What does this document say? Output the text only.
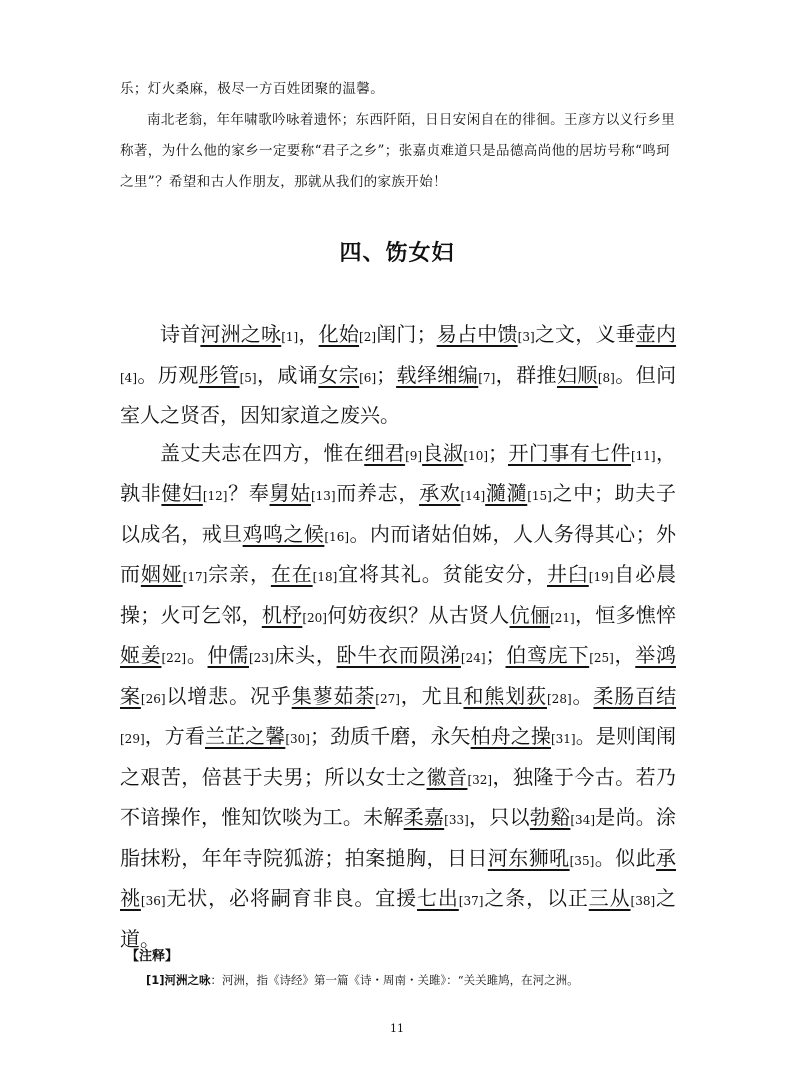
乐；灯火桑麻，极尽一方百姓团聚的温馨。

南北老翁，年年啸歌吟咏着遗怀；东西阡陌，日日安闲自在的徘徊。王彦方以义行乡里称著，为什么他的家乡一定要称“君子之乡”；张嘉贞难道只是品德高尚他的居坊号称“鸣珂之里”？希望和古人作朋友，那就从我们的家族开始！

四、饬女妇

诗首河洲之咏[1]，化始[2]闺门；易占中馈[3]之文，义垂壶内[4]。历观彤管[5]，咸诵女宗[6]；载绎缃编[7]，群推妇顺[8]。但问室人之贤否，因知家道之废兴。

盖丈夫志在四方，惟在细君[9]良淑[10]；开门事有七件[11]，孰非健妇[12]？奉舅姑[13]而养志，承欢[14]瀡瀡[15]之中；助夫子以成名，戒旦鸡鸣之候[16]。内而诸姑伯姊，人人务得其心；外而姻娅[17]宗亲，在在[18]宜将其礼。贫能安分，井臼[19]自必晨操；火可乞邻，机杼[20]何妨夜织？从古贤人伉俪[21]，恒多憔悴姬姜[22]。仲儒[23]床头，卧牛衣而陨涕[24]；伯鸾庑下[25]，举鸿案[26]以增悲。况乎集蓼茹荼[27]，尤且和熊划荻[28]。柔肠百结[29]，方看兰芷之馨[30]；劲质千磨，永矢柏舟之操[31]。是则闺闱之艰苦，倍甚于夫男；所以女士之徽音[32]，独隆于今古。若乃不谙操作，惟知饮啖为工。未解柔嘉[33]，只以勃谿[34]是尚。涂脂抹粉，年年寺院狐游；拍案搥胸，日日河东狮吼[35]。似此承祧[36]无状，必将嗣育非良。宜援七出[37]之条，以正三从[38]之道。

【注释】

[1]河洲之咏：河洲，指《诗经》第一篇《诗・周南・关雎》：“关关雎鸠，在河之洲。

11
